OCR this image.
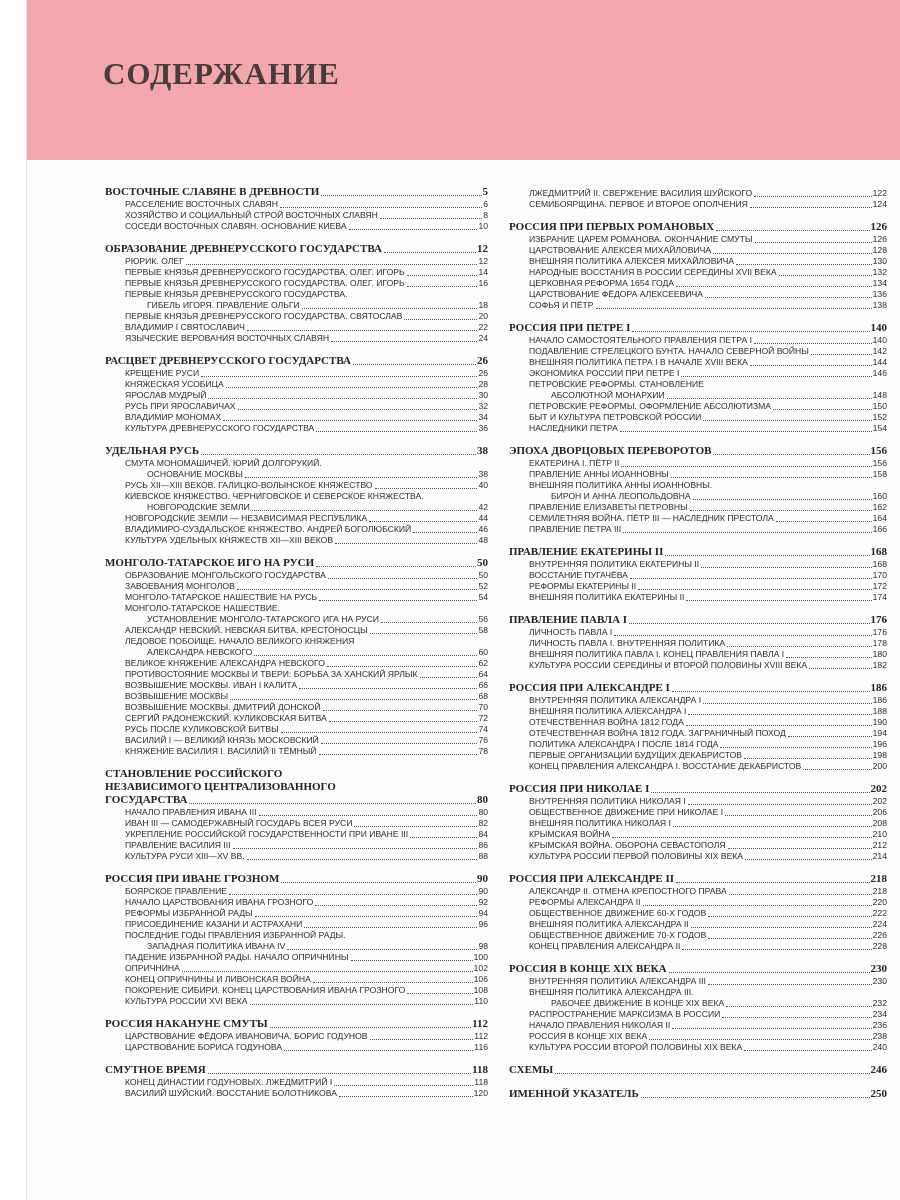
СОДЕРЖАНИЕ
ВОСТОЧНЫЕ СЛАВЯНЕ В ДРЕВНОСТИ	5
РАССЕЛЕНИЕ ВОСТОЧНЫХ СЛАВЯН	6
ХОЗЯЙСТВО И СОЦИАЛЬНЫЙ СТРОЙ ВОСТОЧНЫХ СЛАВЯН	8
СОСЕДИ ВОСТОЧНЫХ СЛАВЯН. ОСНОВАНИЕ КИЕВА	10
ОБРАЗОВАНИЕ ДРЕВНЕРУССКОГО ГОСУДАРСТВА	12
РЮРИК. ОЛЕГ	12
ПЕРВЫЕ КНЯЗЬЯ ДРЕВНЕРУССКОГО ГОСУДАРСТВА. ОЛЕГ. ИГОРЬ	14
ПЕРВЫЕ КНЯЗЬЯ ДРЕВНЕРУССКОГО ГОСУДАРСТВА. ОЛЕГ. ИГОРЬ	16
ПЕРВЫЕ КНЯЗЬЯ ДРЕВНЕРУССКОГО ГОСУДАРСТВА.
ГИБЕЛЬ ИГОРЯ. ПРАВЛЕНИЕ ОЛЬГИ	18
ПЕРВЫЕ КНЯЗЬЯ ДРЕВНЕРУССКОГО ГОСУДАРСТВА. СВЯТОСЛАВ	20
ВЛАДИМИР I СВЯТОСЛАВИЧ	22
ЯЗЫЧЕСКИЕ ВЕРОВАНИЯ ВОСТОЧНЫХ СЛАВЯН	24
РАСЦВЕТ ДРЕВНЕРУССКОГО ГОСУДАРСТВА	26
КРЕЩЕНИЕ РУСИ	26
КНЯЖЕСКАЯ УСОБИЦА	28
ЯРОСЛАВ МУДРЫЙ	30
РУСЬ ПРИ ЯРОСЛАВИЧАХ	32
ВЛАДИМИР МОНОМАХ	34
КУЛЬТУРА ДРЕВНЕРУССКОГО ГОСУДАРСТВА	36
УДЕЛЬНАЯ РУСЬ	38
СМУТА МОНОМАШИЧЕЙ. ЮРИЙ ДОЛГОРУКИЙ.
ОСНОВАНИЕ МОСКВЫ	38
РУСЬ XII—XIII ВЕКОВ. ГАЛИЦКО-ВОЛЫНСКОЕ КНЯЖЕСТВО	40
КИЕВСКОЕ КНЯЖЕСТВО. ЧЕРНИГОВСКОЕ И СЕВЕРСКОЕ КНЯЖЕСТВА.
НОВГОРОДСКИЕ ЗЕМЛИ	42
НОВГОРОДСКИЕ ЗЕМЛИ — НЕЗАВИСИМАЯ РЕСПУБЛИКА	44
ВЛАДИМИРО-СУЗДАЛЬСКОЕ КНЯЖЕСТВО. АНДРЕЙ БОГОЛЮБСКИЙ	46
КУЛЬТУРА УДЕЛЬНЫХ КНЯЖЕСТВ XII—XIII ВЕКОВ	48
МОНГОЛО-ТАТАРСКОЕ ИГО НА РУСИ	50
ОБРАЗОВАНИЕ МОНГОЛЬСКОГО ГОСУДАРСТВА	50
ЗАВОЕВАНИЯ МОНГОЛОВ	52
МОНГОЛО-ТАТАРСКОЕ НАШЕСТВИЕ НА РУСЬ	54
МОНГОЛО-ТАТАРСКОЕ НАШЕСТВИЕ.
УСТАНОВЛЕНИЕ МОНГОЛО-ТАТАРСКОГО ИГА НА РУСИ	56
АЛЕКСАНДР НЕВСКИЙ. НЕВСКАЯ БИТВА. КРЕСТОНОСЦЫ	58
ЛЕДОВОЕ ПОБОИЩЕ. НАЧАЛО ВЕЛИКОГО КНЯЖЕНИЯ
АЛЕКСАНДРА НЕВСКОГО	60
ВЕЛИКОЕ КНЯЖЕНИЕ АЛЕКСАНДРА НЕВСКОГО	62
ПРОТИВОСТОЯНИЕ МОСКВЫ И ТВЕРИ: БОРЬБА ЗА ХАНСКИЙ ЯРЛЫК	64
ВОЗВЫШЕНИЕ МОСКВЫ. ИВАН I КАЛИТА	66
ВОЗВЫШЕНИЕ МОСКВЫ	68
ВОЗВЫШЕНИЕ МОСКВЫ. ДМИТРИЙ ДОНСКОЙ	70
СЕРГИЙ РАДОНЕЖСКИЙ. КУЛИКОВСКАЯ БИТВА	72
РУСЬ ПОСЛЕ КУЛИКОВСКОЙ БИТВЫ	74
ВАСИЛИЙ I — ВЕЛИКИЙ КНЯЗЬ МОСКОВСКИЙ	76
КНЯЖЕНИЕ ВАСИЛИЯ I. ВАСИЛИЙ II ТЁМНЫЙ	78
СТАНОВЛЕНИЕ РОССИЙСКОГО
НЕЗАВИСИМОГО ЦЕНТРАЛИЗОВАННОГО
ГОСУДАРСТВА	80
НАЧАЛО ПРАВЛЕНИЯ ИВАНА III	80
ИВАН III — САМОДЕРЖАВНЫЙ ГОСУДАРЬ ВСЕЯ РУСИ	82
УКРЕПЛЕНИЕ РОССИЙСКОЙ ГОСУДАРСТВЕННОСТИ ПРИ ИВАНЕ III	84
ПРАВЛЕНИЕ ВАСИЛИЯ III	86
КУЛЬТУРА РУСИ XIII—XV ВВ.	88
РОССИЯ ПРИ ИВАНЕ ГРОЗНОМ	90
БОЯРСКОЕ ПРАВЛЕНИЕ	90
НАЧАЛО ЦАРСТВОВАНИЯ ИВАНА ГРОЗНОГО	92
РЕФОРМЫ ИЗБРАННОЙ РАДЫ	94
ПРИСОЕДИНЕНИЕ КАЗАНИ И АСТРАХАНИ	96
ПОСЛЕДНИЕ ГОДЫ ПРАВЛЕНИЯ ИЗБРАННОЙ РАДЫ.
ЗАПАДНАЯ ПОЛИТИКА ИВАНА IV	98
ПАДЕНИЕ ИЗБРАННОЙ РАДЫ. НАЧАЛО ОПРИЧНИНЫ	100
ОПРИЧНИНА	102
КОНЕЦ ОПРИЧНИНЫ И ЛИВОНСКАЯ ВОЙНА	106
ПОКОРЕНИЕ СИБИРИ. КОНЕЦ ЦАРСТВОВАНИЯ ИВАНА ГРОЗНОГО	108
КУЛЬТУРА РОССИИ XVI ВЕКА	110
РОССИЯ НАКАНУНЕ СМУТЫ	112
ЦАРСТВОВАНИЕ ФЁДОРА ИВАНОВИЧА. БОРИС ГОДУНОВ	112
ЦАРСТВОВАНИЕ БОРИСА ГОДУНОВА	116
СМУТНОЕ ВРЕМЯ	118
КОНЕЦ ДИНАСТИИ ГОДУНОВЫХ. ЛЖЕДМИТРИЙ I	118
ВАСИЛИЙ ШУЙСКИЙ. ВОССТАНИЕ БОЛОТНИКОВА	120
ЛЖЕДМИТРИЙ II. СВЕРЖЕНИЕ ВАСИЛИЯ ШУЙСКОГО	122
СЕМИБОЯРЩИНА. ПЕРВОЕ И ВТОРОЕ ОПОЛЧЕНИЯ	124
РОССИЯ ПРИ ПЕРВЫХ РОМАНОВЫХ	126
ИЗБРАНИЕ ЦАРЕМ РОМАНОВА. ОКОНЧАНИЕ СМУТЫ	126
ЦАРСТВОВАНИЕ АЛЕКСЕЯ МИХАЙЛОВИЧА	128
ВНЕШНЯЯ ПОЛИТИКА АЛЕКСЕЯ МИХАЙЛОВИЧА	130
НАРОДНЫЕ ВОССТАНИЯ В РОССИИ СЕРЕДИНЫ XVII ВЕКА	132
ЦЕРКОВНАЯ РЕФОРМА 1654 ГОДА	134
ЦАРСТВОВАНИЕ ФЁДОРА АЛЕКСЕЕВИЧА	136
СОФЬЯ И ПЁТР	138
РОССИЯ ПРИ ПЕТРЕ I	140
НАЧАЛО САМОСТОЯТЕЛЬНОГО ПРАВЛЕНИЯ ПЕТРА I	140
ПОДАВЛЕНИЕ СТРЕЛЕЦКОГО БУНТА. НАЧАЛО СЕВЕРНОЙ ВОЙНЫ	142
ВНЕШНЯЯ ПОЛИТИКА ПЕТРА I В НАЧАЛЕ XVIII ВЕКА	144
ЭКОНОМИКА РОССИИ ПРИ ПЕТРЕ I	146
ПЕТРОВСКИЕ РЕФОРМЫ. СТАНОВЛЕНИЕ
АБСОЛЮТНОЙ МОНАРХИИ	148
ПЕТРОВСКИЕ РЕФОРМЫ. ОФОРМЛЕНИЕ АБСОЛЮТИЗМА	150
БЫТ И КУЛЬТУРА ПЕТРОВСКОЙ РОССИИ	152
НАСЛЕДНИКИ ПЕТРА	154
ЭПОХА ДВОРЦОВЫХ ПЕРЕВОРОТОВ	156
ЕКАТЕРИНА I. ПЁТР II	156
ПРАВЛЕНИЕ АННЫ ИОАННОВНЫ	158
ВНЕШНЯЯ ПОЛИТИКА АННЫ ИОАННОВНЫ.
БИРОН И АННА ЛЕОПОЛЬДОВНА	160
ПРАВЛЕНИЕ ЕЛИЗАВЕТЫ ПЕТРОВНЫ	162
СЕМИЛЕТНЯЯ ВОЙНА. ПЁТР III — НАСЛЕДНИК ПРЕСТОЛА	164
ПРАВЛЕНИЕ ПЕТРА III	166
ПРАВЛЕНИЕ ЕКАТЕРИНЫ II	168
ВНУТРЕННЯЯ ПОЛИТИКА ЕКАТЕРИНЫ II	168
ВОССТАНИЕ ПУГАЧЁВА	170
РЕФОРМЫ ЕКАТЕРИНЫ II	172
ВНЕШНЯЯ ПОЛИТИКА ЕКАТЕРИНЫ II	174
ПРАВЛЕНИЕ ПАВЛА I	176
ЛИЧНОСТЬ ПАВЛА I	176
ЛИЧНОСТЬ ПАВЛА I. ВНУТРЕННЯЯ ПОЛИТИКА	178
ВНЕШНЯЯ ПОЛИТИКА ПАВЛА I. КОНЕЦ ПРАВЛЕНИЯ ПАВЛА I	180
КУЛЬТУРА РОССИИ СЕРЕДИНЫ И ВТОРОЙ ПОЛОВИНЫ XVIII ВЕКА	182
РОССИЯ ПРИ АЛЕКСАНДРЕ I	186
ВНУТРЕННЯЯ ПОЛИТИКА АЛЕКСАНДРА I	186
ВНЕШНЯЯ ПОЛИТИКА АЛЕКСАНДРА I	188
ОТЕЧЕСТВЕННАЯ ВОЙНА 1812 ГОДА	190
ОТЕЧЕСТВЕННАЯ ВОЙНА 1812 ГОДА. ЗАГРАНИЧНЫЙ ПОХОД	194
ПОЛИТИКА АЛЕКСАНДРА I ПОСЛЕ 1814 ГОДА	196
ПЕРВЫЕ ОРГАНИЗАЦИИ БУДУЩИХ ДЕКАБРИСТОВ	198
КОНЕЦ ПРАВЛЕНИЯ АЛЕКСАНДРА I. ВОССТАНИЕ ДЕКАБРИСТОВ	200
РОССИЯ ПРИ НИКОЛАЕ I	202
ВНУТРЕННЯЯ ПОЛИТИКА НИКОЛАЯ I	202
ОБЩЕСТВЕННОЕ ДВИЖЕНИЕ ПРИ НИКОЛАЕ I	206
ВНЕШНЯЯ ПОЛИТИКА НИКОЛАЯ I	208
КРЫМСКАЯ ВОЙНА	210
КРЫМСКАЯ ВОЙНА. ОБОРОНА СЕВАСТОПОЛЯ	212
КУЛЬТУРА РОССИИ ПЕРВОЙ ПОЛОВИНЫ XIX ВЕКА	214
РОССИЯ ПРИ АЛЕКСАНДРЕ II	218
АЛЕКСАНДР II. ОТМЕНА КРЕПОСТНОГО ПРАВА	218
РЕФОРМЫ АЛЕКСАНДРА II	220
ОБЩЕСТВЕННОЕ ДВИЖЕНИЕ 60-Х ГОДОВ	222
ВНЕШНЯЯ ПОЛИТИКА АЛЕКСАНДРА II	224
ОБЩЕСТВЕННОЕ ДВИЖЕНИЕ 70-Х ГОДОВ	226
КОНЕЦ ПРАВЛЕНИЯ АЛЕКСАНДРА II	228
РОССИЯ В КОНЦЕ XIX ВЕКА	230
ВНУТРЕННЯЯ ПОЛИТИКА АЛЕКСАНДРА III	230
ВНЕШНЯЯ ПОЛИТИКА АЛЕКСАНДРА III.
РАБОЧЕЕ ДВИЖЕНИЕ В КОНЦЕ XIX ВЕКА	232
РАСПРОСТРАНЕНИЕ МАРКСИЗМА В РОССИИ	234
НАЧАЛО ПРАВЛЕНИЯ НИКОЛАЯ II	236
РОССИЯ В КОНЦЕ XIX ВЕКА	238
КУЛЬТУРА РОССИИ ВТОРОЙ ПОЛОВИНЫ XIX ВЕКА	240
СХЕМЫ	246
ИМЕННОЙ УКАЗАТЕЛЬ	250
